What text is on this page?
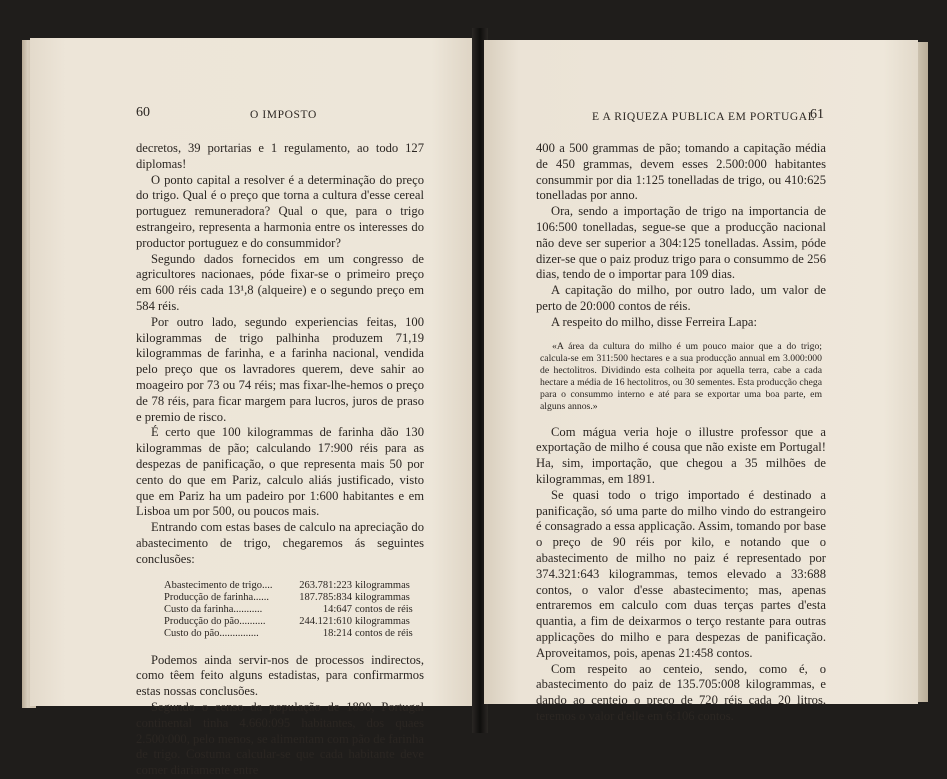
60	O IMPOSTO

decretos, 39 portarias e 1 regulamento, ao todo 127 diplomas!

O ponto capital a resolver é a determinação do preço do trigo. Qual é o preço que torna a cultura d'esse cereal portuguez remuneradora? Qual o que, para o trigo estrangeiro, representa a harmonia entre os interesses do productor portuguez e do consummidor?

Segundo dados fornecidos em um congresso de agricultores nacionaes, póde fixar-se o primeiro preço em 600 réis cada 13¹,8 (alqueire) e o segundo preço em 584 réis.

Por outro lado, segundo experiencias feitas, 100 kilogrammas de trigo palhinha produzem 71,19 kilogrammas de farinha, e a farinha nacional, vendida pelo preço que os lavradores querem, deve sahir ao moageiro por 73 ou 74 réis; mas fixar-lhe-hemos o preço de 78 réis, para ficar margem para lucros, juros de praso e premio de risco.

É certo que 100 kilogrammas de farinha dão 130 kilogrammas de pão; calculando 17:900 réis para as despezas de panificação, o que representa mais 50 por cento do que em Pariz, calculo aliás justificado, visto que em Pariz ha um padeiro por 1:600 habitantes e em Lisboa um por 500, ou poucos mais.

Entrando com estas bases de calculo na apreciação do abastecimento de trigo, chegaremos ás seguintes conclusões:

Abastecimento de trigo....	263.781:223 kilogrammas
Producção de farinha......	187.785:834 kilogrammas
Custo da farinha...........	14:647 contos de réis
Producção do pão..........	244.121:610 kilogrammas
Custo do pão...............	18:214 contos de réis

Podemos ainda servir-nos de processos indirectos, como têem feito alguns estadistas, para confirmarmos estas nossas conclusões.

Segundo o censo da população de 1890, Portugal continental tinha 4.660:095 habitantes, dos quaes 2.500:000, pelo menos, se alimentam com pão de farinha de trigo. Costuma calcular-se que cada habitante deve comer diariamente entre

E A RIQUEZA PUBLICA EM PORTUGAL
61

400 a 500 grammas de pão; tomando a capitação média de 450 grammas, devem esses 2.500:000 habitantes consummir por dia 1:125 tonelladas de trigo, ou 410:625 tonelladas por anno.

Ora, sendo a importação de trigo na importancia de 106:500 tonelladas, segue-se que a producção nacional não deve ser superior a 304:125 tonelladas. Assim, póde dizer-se que o paiz produz trigo para o consummo de 256 dias, tendo de o importar para 109 dias.

A capitação do milho, por outro lado, um valor de perto de 20:000 contos de réis.

A respeito do milho, disse Ferreira Lapa:

«A área da cultura do milho é um pouco maior que a do trigo; calcula-se em 311:500 hectares e a sua producção annual em 3.000:000 de hectolitros. Dividindo esta colheita por aquella terra, cabe a cada hectare a média de 16 hectolitros, ou 30 sementes. Esta producção chega para o consummo interno e até para se exportar uma boa parte, em alguns annos.»

Com mágua veria hoje o illustre professor que a exportação de milho é cousa que não existe em Portugal! Ha, sim, importação, que chegou a 35 milhões de kilogrammas, em 1891.

Se quasi todo o trigo importado é destinado a panificação, só uma parte do milho vindo do estrangeiro é consagrado a essa applicação. Assim, tomando por base o preço de 90 réis por kilo, e notando que o abastecimento de milho no paiz é representado por 374.321:643 kilogrammas, temos elevado a 33:688 contos, o valor d'esse abastecimento; mas, apenas entraremos em calculo com duas terças partes d'esta quantia, a fim de deixarmos o terço restante para outras applicações do milho e para despezas de panificação. Aproveitamos, pois, apenas 21:458 contos.

Com respeito ao centeio, sendo, como é, o abastecimento do paiz de 135.705:008 kilogrammas, e dando ao centeio o preço de 720 réis cada 20 litros, teremos o valor d'elle em 6:106 contos.
